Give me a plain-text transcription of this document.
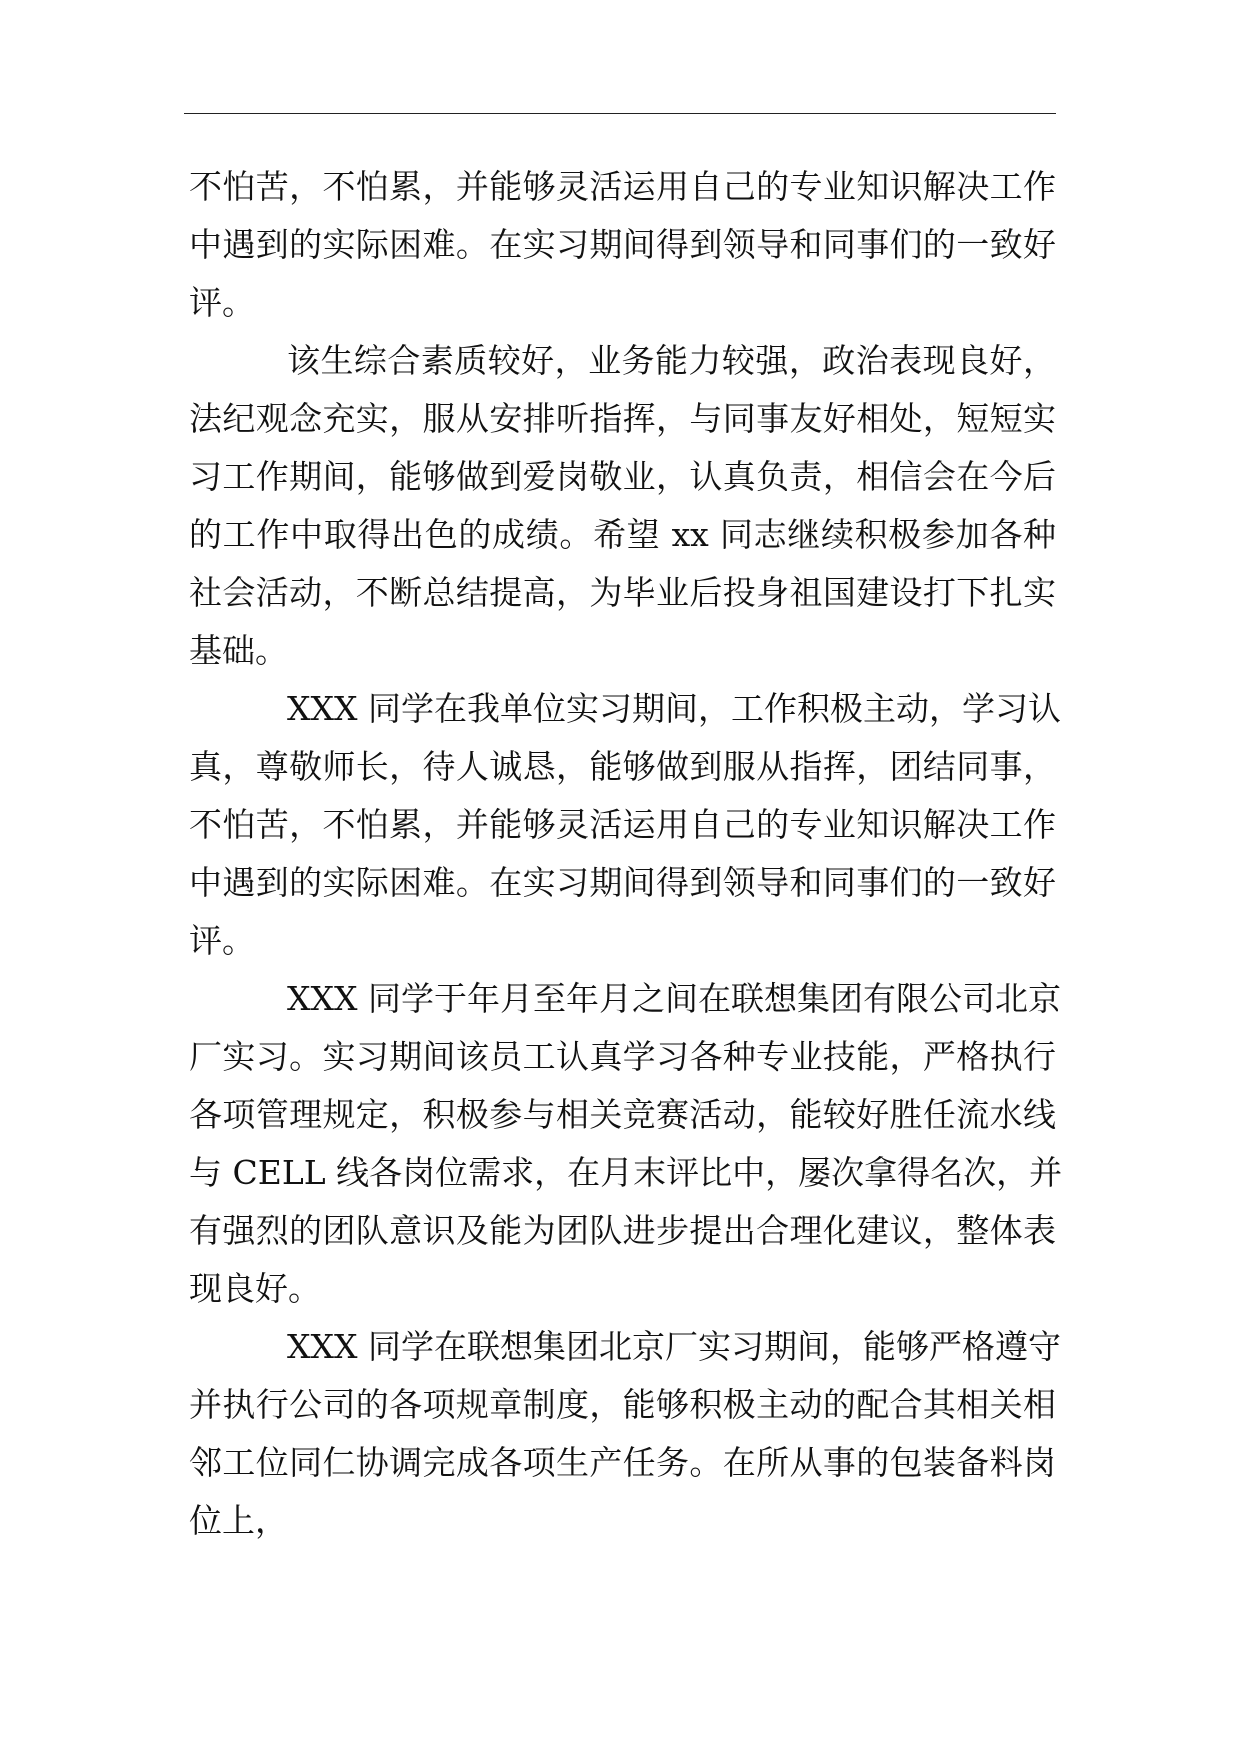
不怕苦，不怕累，并能够灵活运用自己的专业知识解决工作
中遇到的实际困难。在实习期间得到领导和同事们的一致好
评。
该生综合素质较好，业务能力较强，政治表现良好，
法纪观念充实，服从安排听指挥，与同事友好相处，短短实
习工作期间，能够做到爱岗敬业，认真负责，相信会在今后
的工作中取得出色的成绩。希望 xx 同志继续积极参加各种
社会活动，不断总结提高，为毕业后投身祖国建设打下扎实
基础。
XXX 同学在我单位实习期间，工作积极主动，学习认
真，尊敬师长，待人诚恳，能够做到服从指挥，团结同事，
不怕苦，不怕累，并能够灵活运用自己的专业知识解决工作
中遇到的实际困难。在实习期间得到领导和同事们的一致好
评。
XXX 同学于年月至年月之间在联想集团有限公司北京
厂实习。实习期间该员工认真学习各种专业技能，严格执行
各项管理规定，积极参与相关竞赛活动，能较好胜任流水线
与 CELL 线各岗位需求，在月末评比中，屡次拿得名次，并
有强烈的团队意识及能为团队进步提出合理化建议，整体表
现良好。
XXX 同学在联想集团北京厂实习期间，能够严格遵守
并执行公司的各项规章制度，能够积极主动的配合其相关相
邻工位同仁协调完成各项生产任务。在所从事的包装备料岗
位上，
